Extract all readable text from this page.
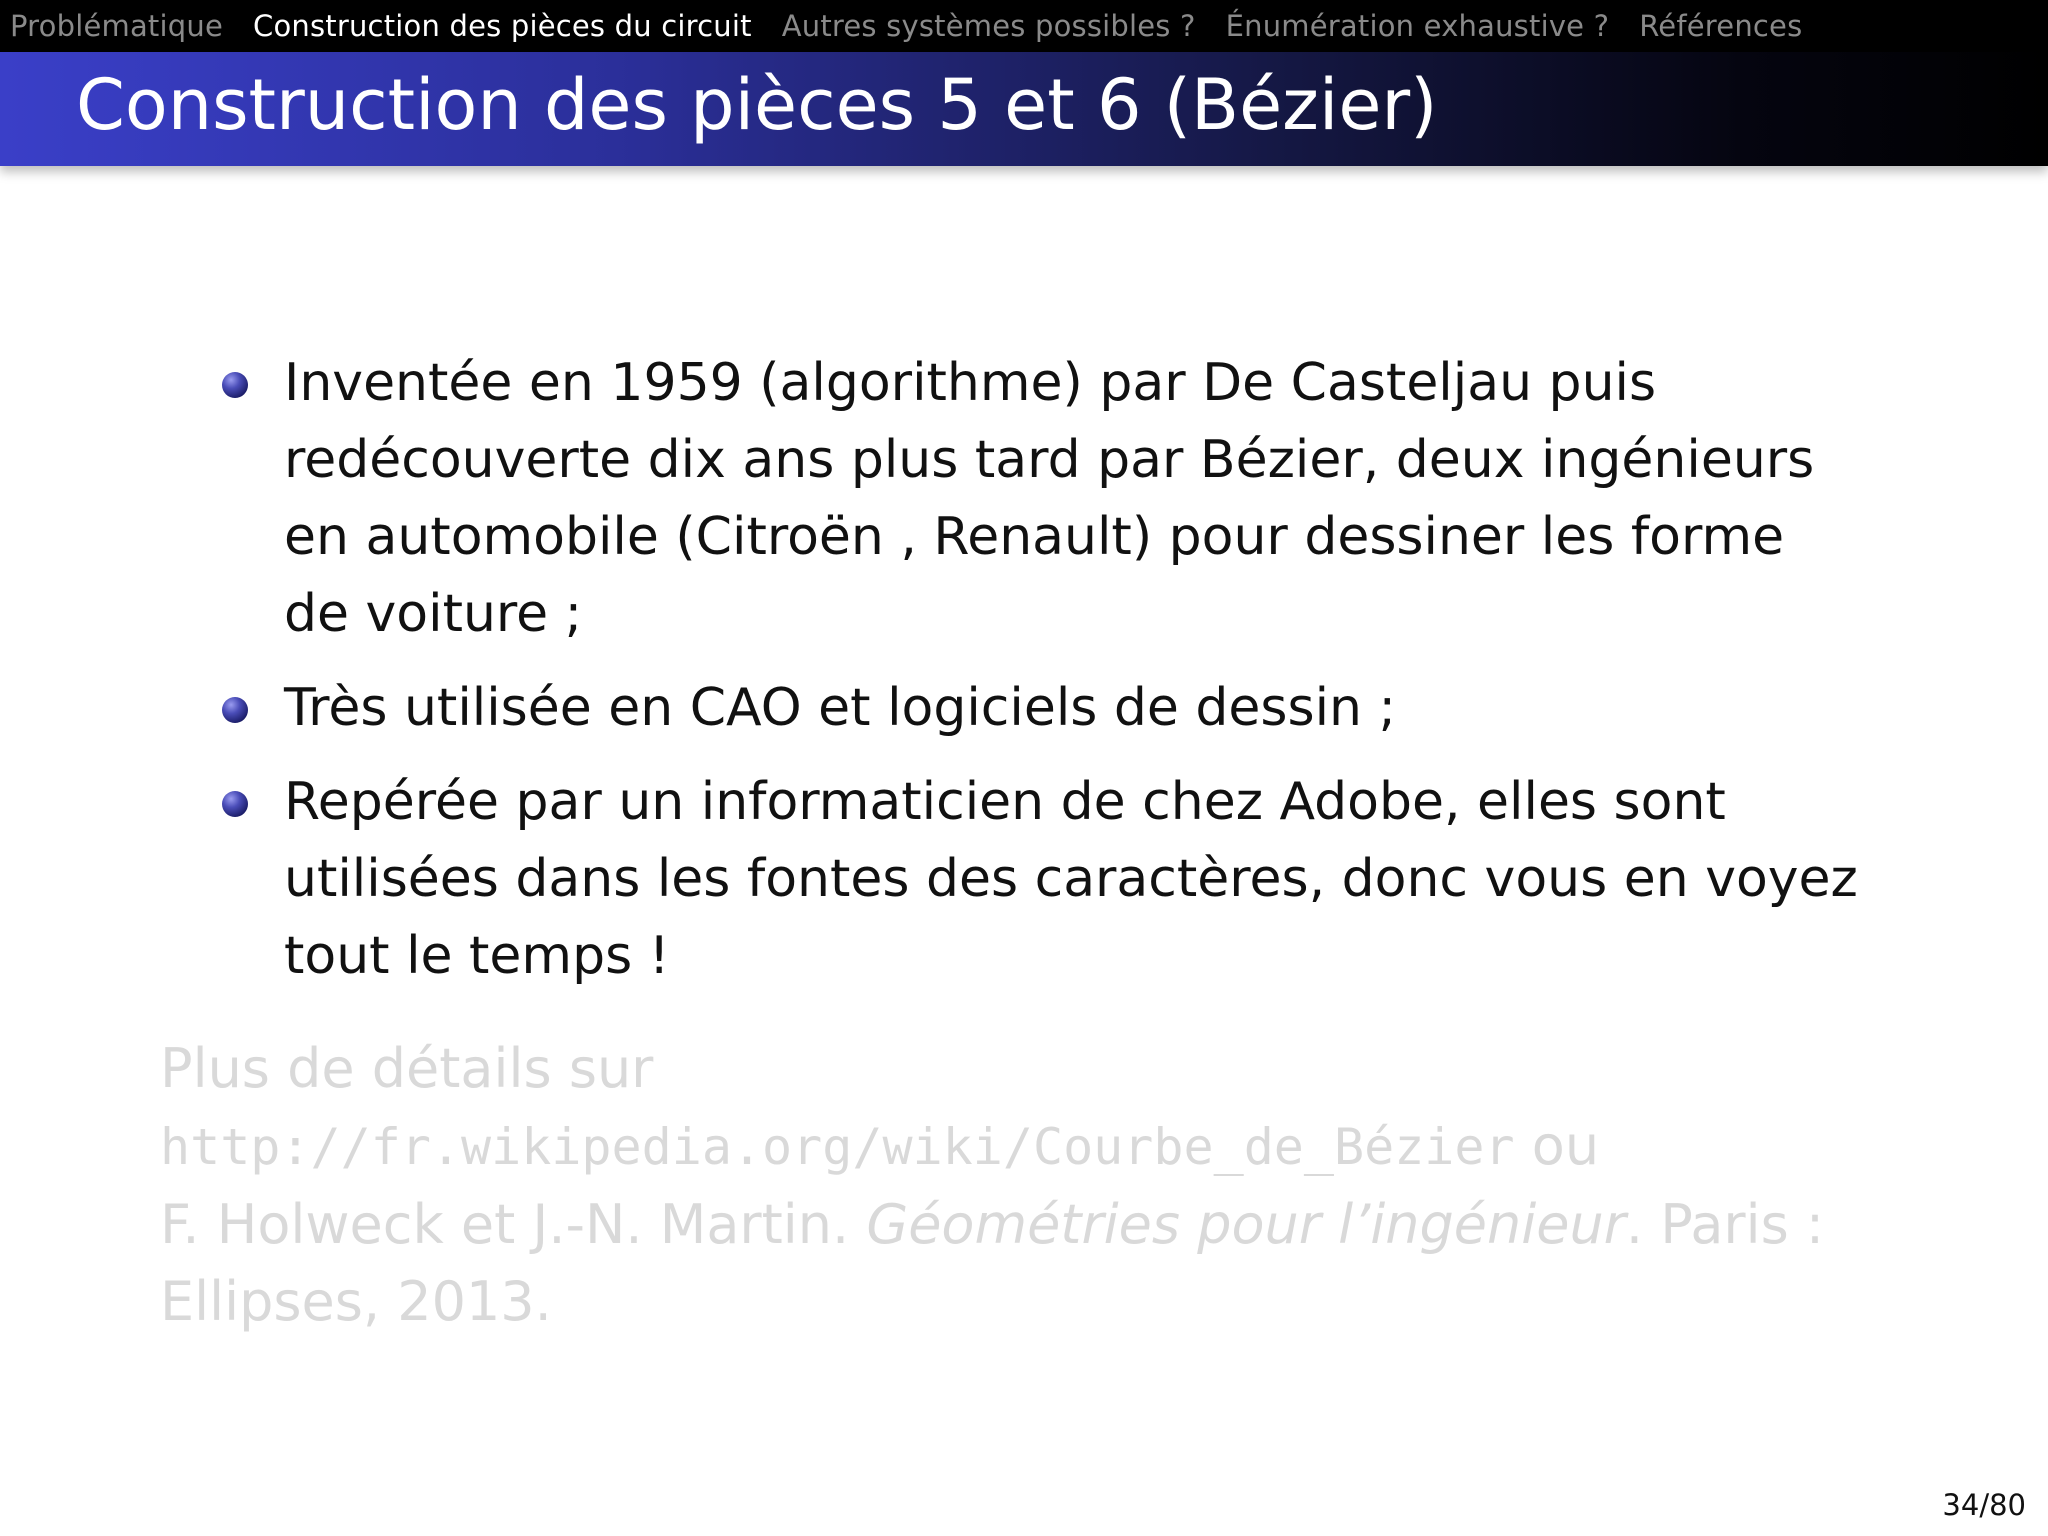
Problématique Construction des pièces du circuit Autres systèmes possibles ? Énumération exhaustive ? Références
Construction des pièces 5 et 6 (Bézier)
Inventée en 1959 (algorithme) par De Casteljau puis redécouverte dix ans plus tard par Bézier, deux ingénieurs en automobile (Citroën , Renault) pour dessiner les forme de voiture ;
Très utilisée en CAO et logiciels de dessin ;
Repérée par un informaticien de chez Adobe, elles sont utilisées dans les fontes des caractères, donc vous en voyez tout le temps !
Plus de détails sur
http://fr.wikipedia.org/wiki/Courbe_de_Bézier ou
F. Holweck et J.-N. Martin. Géométries pour l’ingénieur. Paris :
Ellipses, 2013.
34/80
